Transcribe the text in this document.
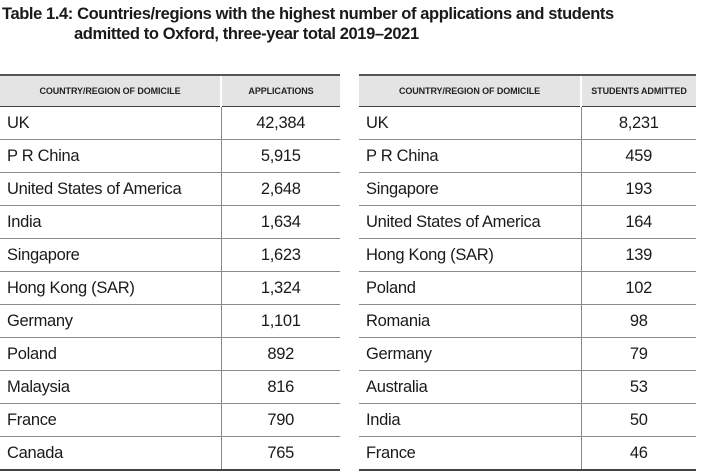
Table 1.4: Countries/regions with the highest number of applications and students
admitted to Oxford, three-year total 2019–2021
COUNTRY/REGION OF DOMICILE	APPLICATIONS
UK	42,384
P R China	5,915
United States of America	2,648
India	1,634
Singapore	1,623
Hong Kong (SAR)	1,324
Germany	1,101
Poland	892
Malaysia	816
France	790
Canada	765
COUNTRY/REGION OF DOMICILE	STUDENTS ADMITTED
UK	8,231
P R China	459
Singapore	193
United States of America	164
Hong Kong (SAR)	139
Poland	102
Romania	98
Germany	79
Australia	53
India	50
France	46
